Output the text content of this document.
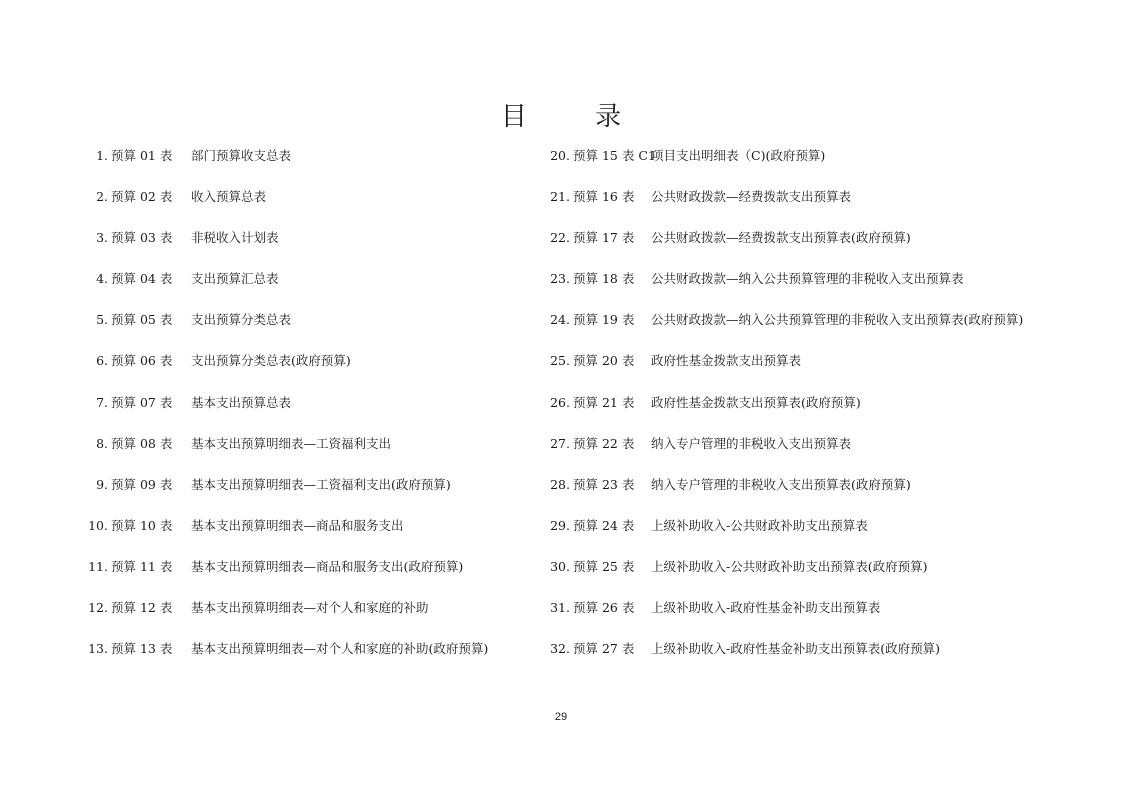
目 录
1. 预算 01 表 部门预算收支总表
2. 预算 02 表 收入预算总表
3. 预算 03 表 非税收入计划表
4. 预算 04 表 支出预算汇总表
5. 预算 05 表 支出预算分类总表
6. 预算 06 表 支出预算分类总表(政府预算)
7. 预算 07 表 基本支出预算总表
8. 预算 08 表 基本支出预算明细表—工资福利支出
9. 预算 09 表 基本支出预算明细表—工资福利支出(政府预算)
10. 预算 10 表 基本支出预算明细表—商品和服务支出
11. 预算 11 表 基本支出预算明细表—商品和服务支出(政府预算)
12. 预算 12 表 基本支出预算明细表—对个人和家庭的补助
13. 预算 13 表 基本支出预算明细表—对个人和家庭的补助(政府预算)
20. 预算 15 表 C1项目支出明细表（C)(政府预算)
21. 预算 16 表 公共财政拨款—经费拨款支出预算表
22. 预算 17 表 公共财政拨款—经费拨款支出预算表(政府预算)
23. 预算 18 表 公共财政拨款—纳入公共预算管理的非税收入支出预算表
24. 预算 19 表 公共财政拨款—纳入公共预算管理的非税收入支出预算表(政府预算)
25. 预算 20 表 政府性基金拨款支出预算表
26. 预算 21 表 政府性基金拨款支出预算表(政府预算)
27. 预算 22 表 纳入专户管理的非税收入支出预算表
28. 预算 23 表 纳入专户管理的非税收入支出预算表(政府预算)
29. 预算 24 表 上级补助收入-公共财政补助支出预算表
30. 预算 25 表 上级补助收入-公共财政补助支出预算表(政府预算)
31. 预算 26 表 上级补助收入-政府性基金补助支出预算表
32. 预算 27 表 上级补助收入-政府性基金补助支出预算表(政府预算)
29
